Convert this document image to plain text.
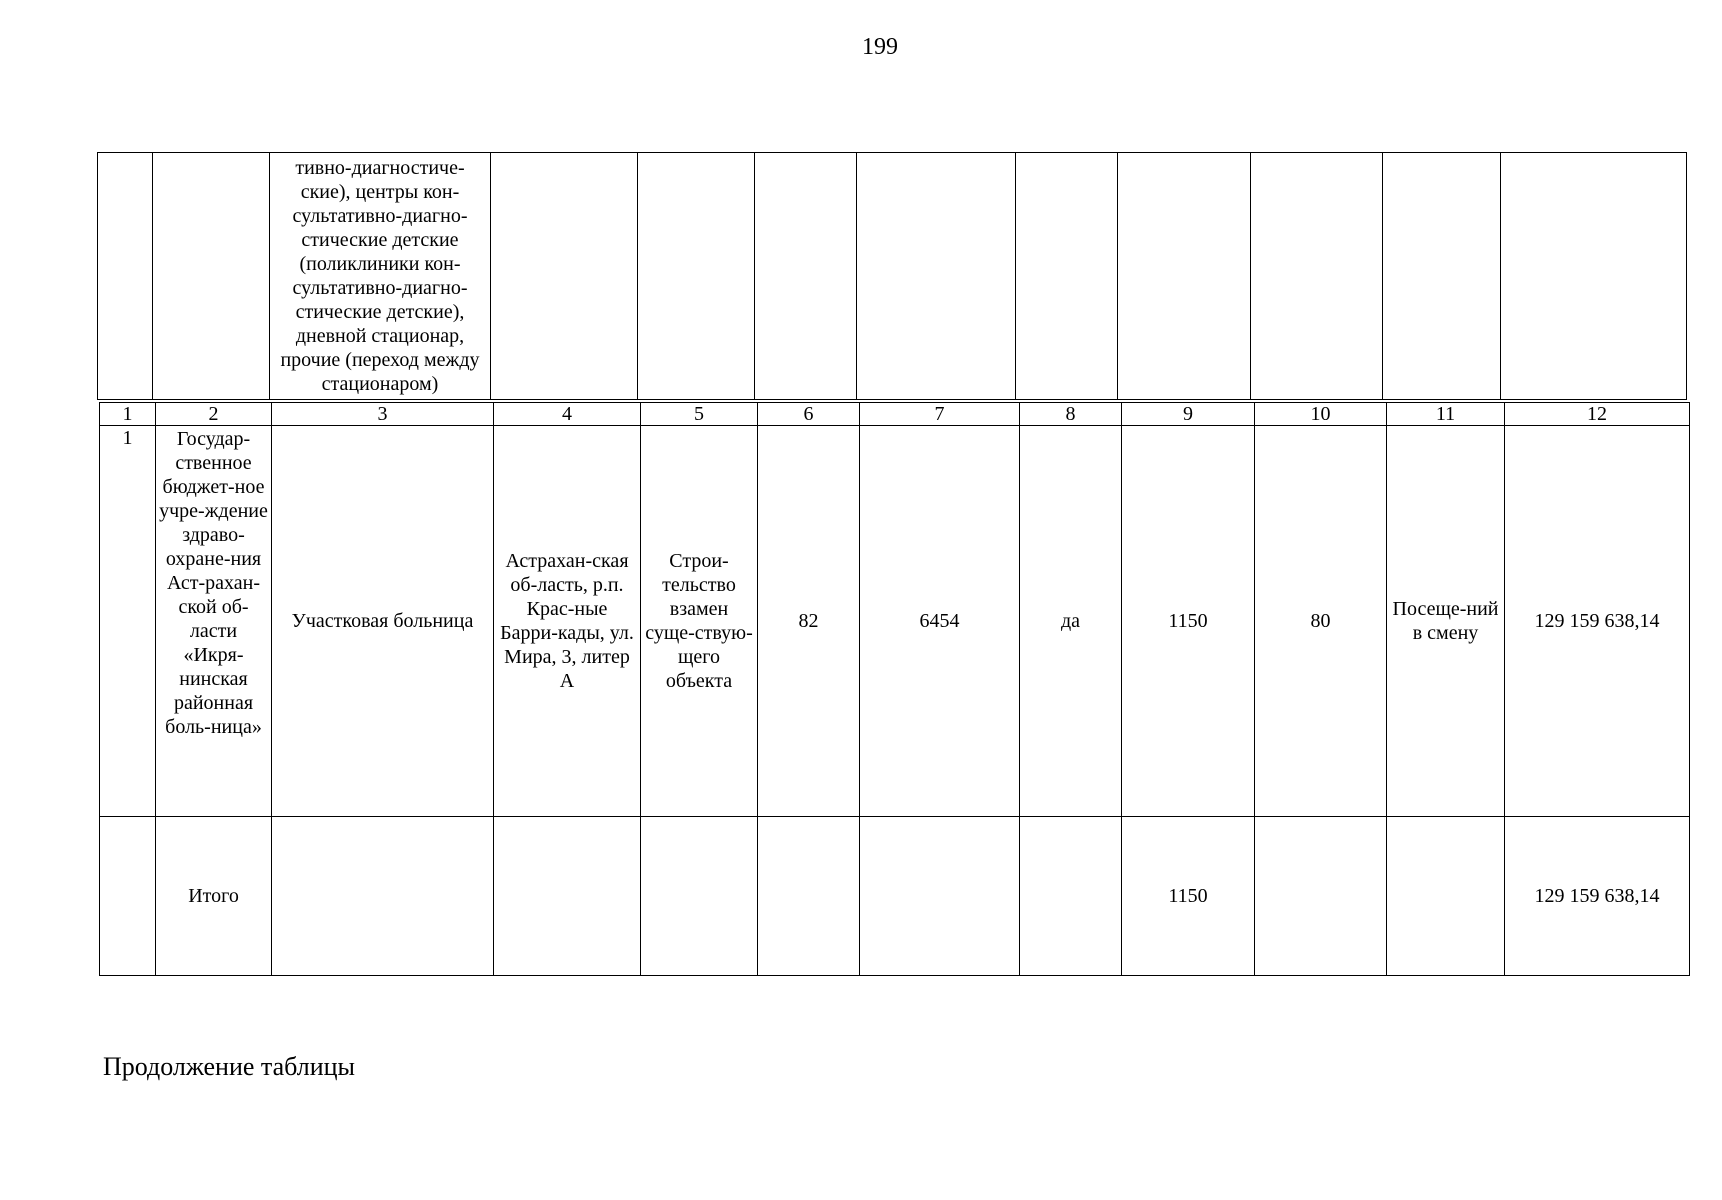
199
		тивно-диагностиче-ские), центры кон-сультативно-диагно-стические детские (поликлиники кон-сультативно-диагно-стические детские), дневной стационар, прочие (переход между стационаром)									
1	2	3	4	5	6	7	8	9	10	11	12
1	Государ-ственное бюджет-ное учре-ждение здраво-охране-ния Аст-рахан-ской об-ласти «Икря-нинская районная боль-ница»	Участковая больница	Астрахан-ская об-ласть, р.п. Крас-ные Барри-кады, ул. Мира, 3, литер А	Строи-тельство взамен суще-ствую-щего объекта	82	6454	да	1150	80	Посеще-ний в смену	129 159 638,14
	Итого							1150			129 159 638,14
Продолжение таблицы
